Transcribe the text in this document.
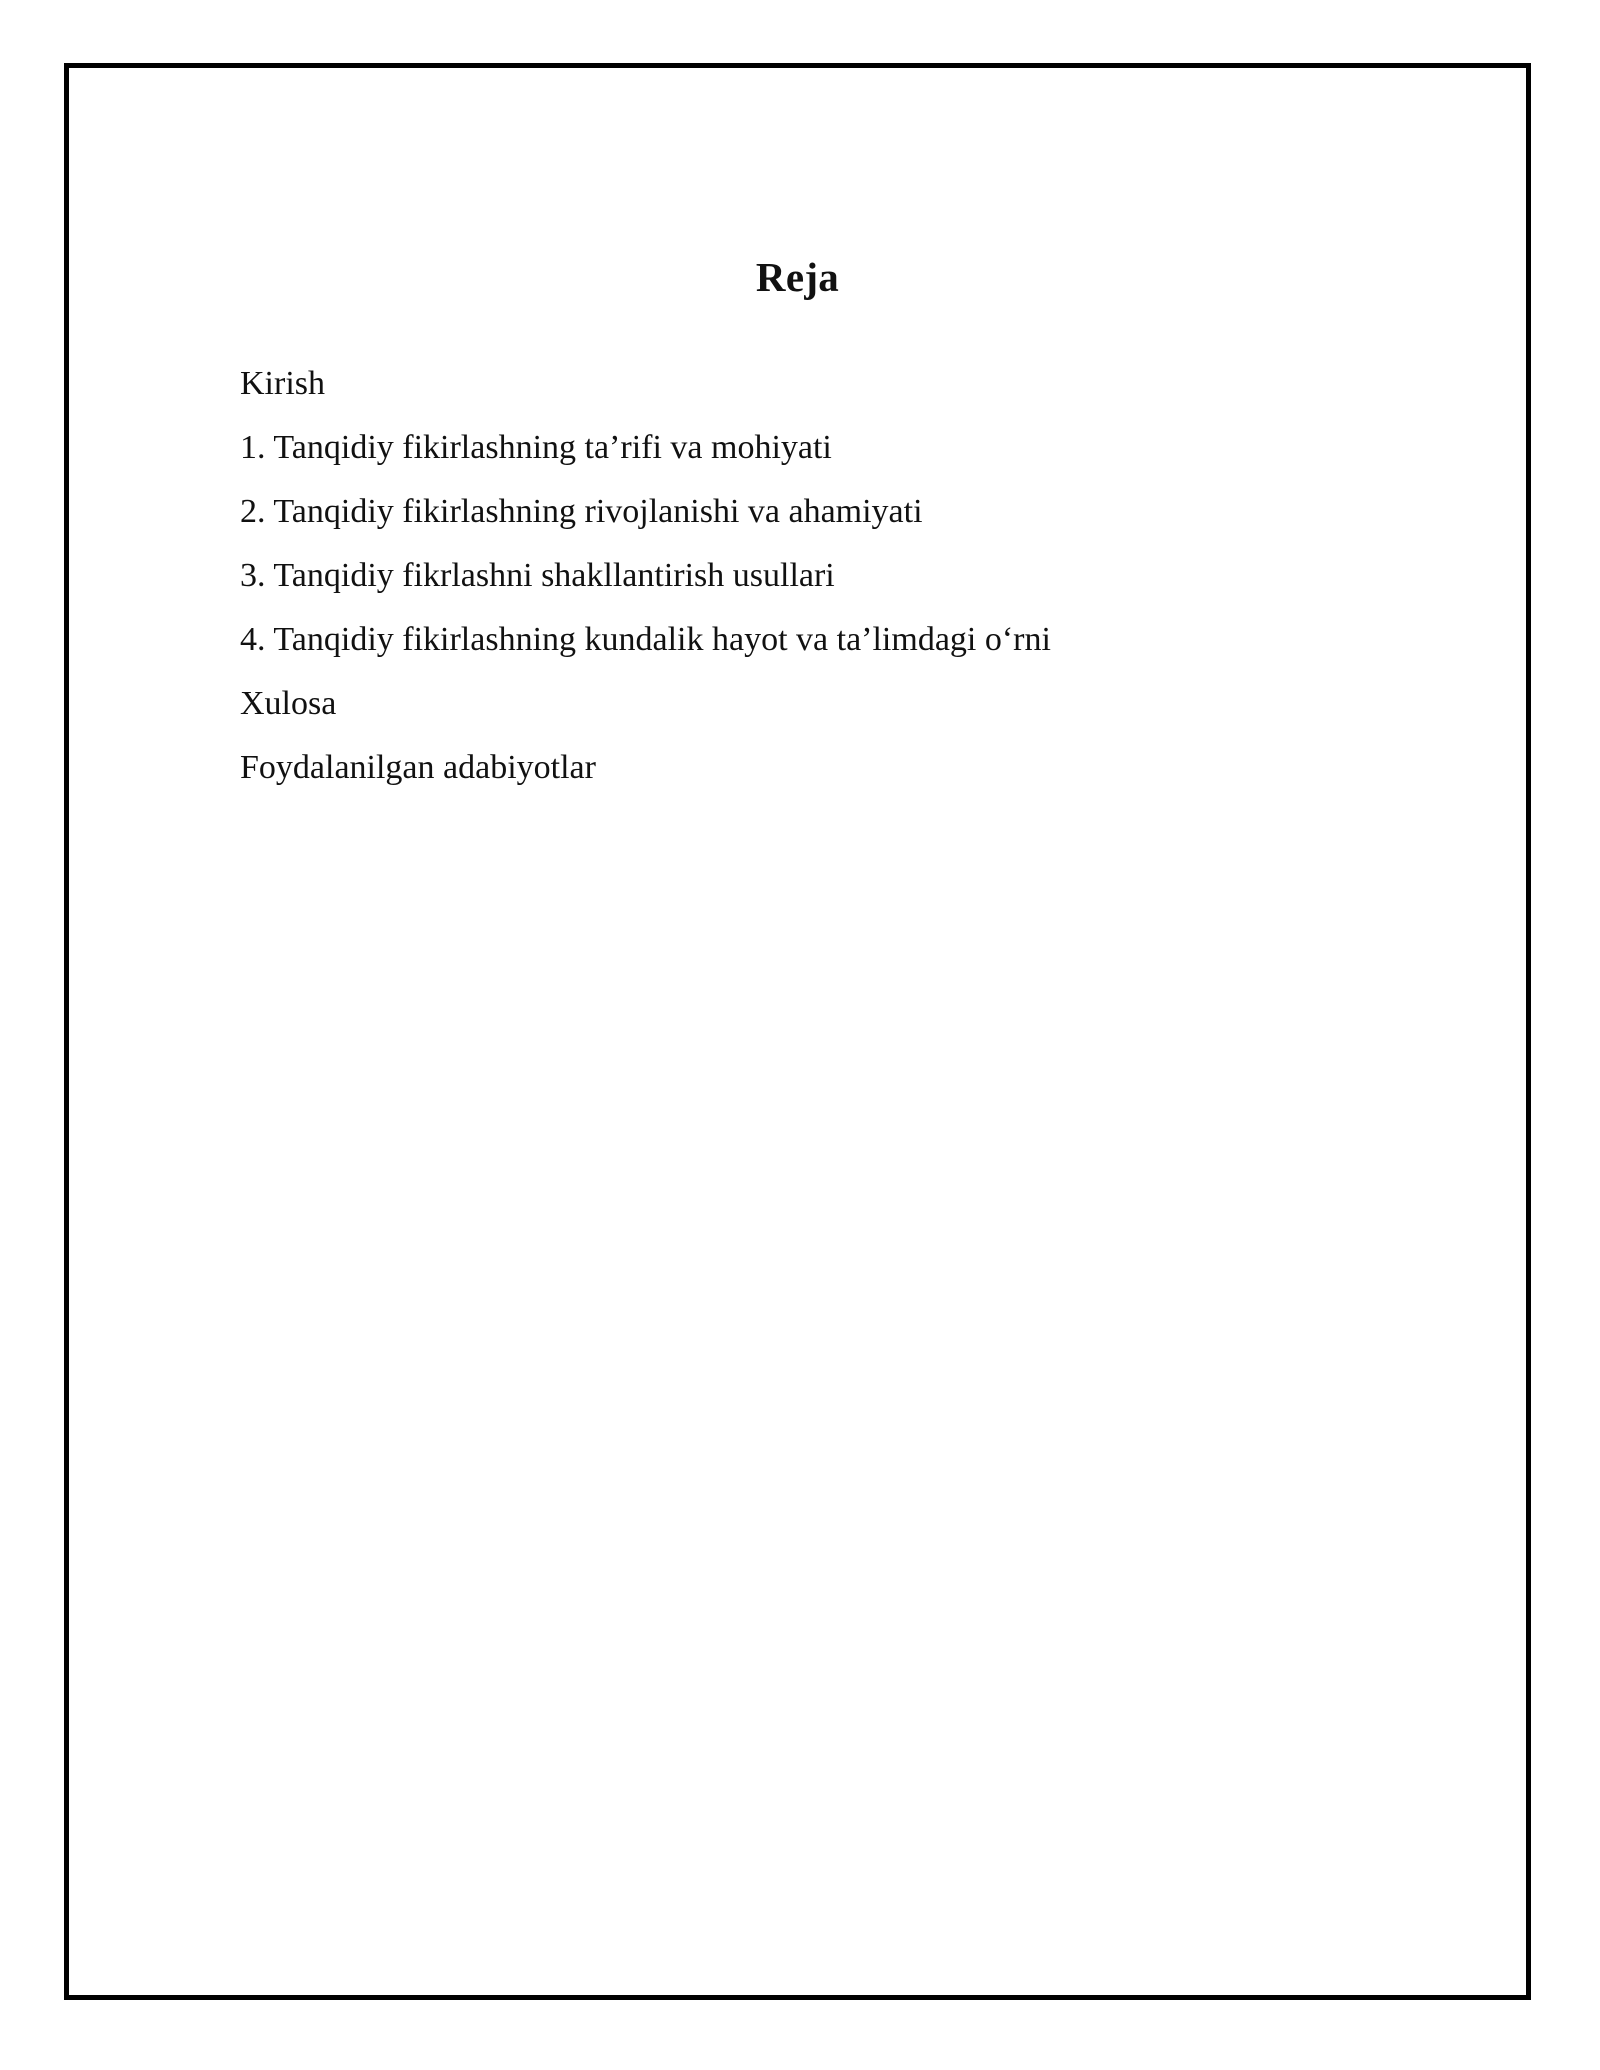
Reja
Kirish
1. Tanqidiy fikirlashning ta’rifi va mohiyati
2. Tanqidiy fikirlashning rivojlanishi va ahamiyati
3. Tanqidiy fikrlashni shakllantirish usullari
4. Tanqidiy fikirlashning kundalik hayot va ta’limdagi o‘rni
Xulosa
Foydalanilgan adabiyotlar
